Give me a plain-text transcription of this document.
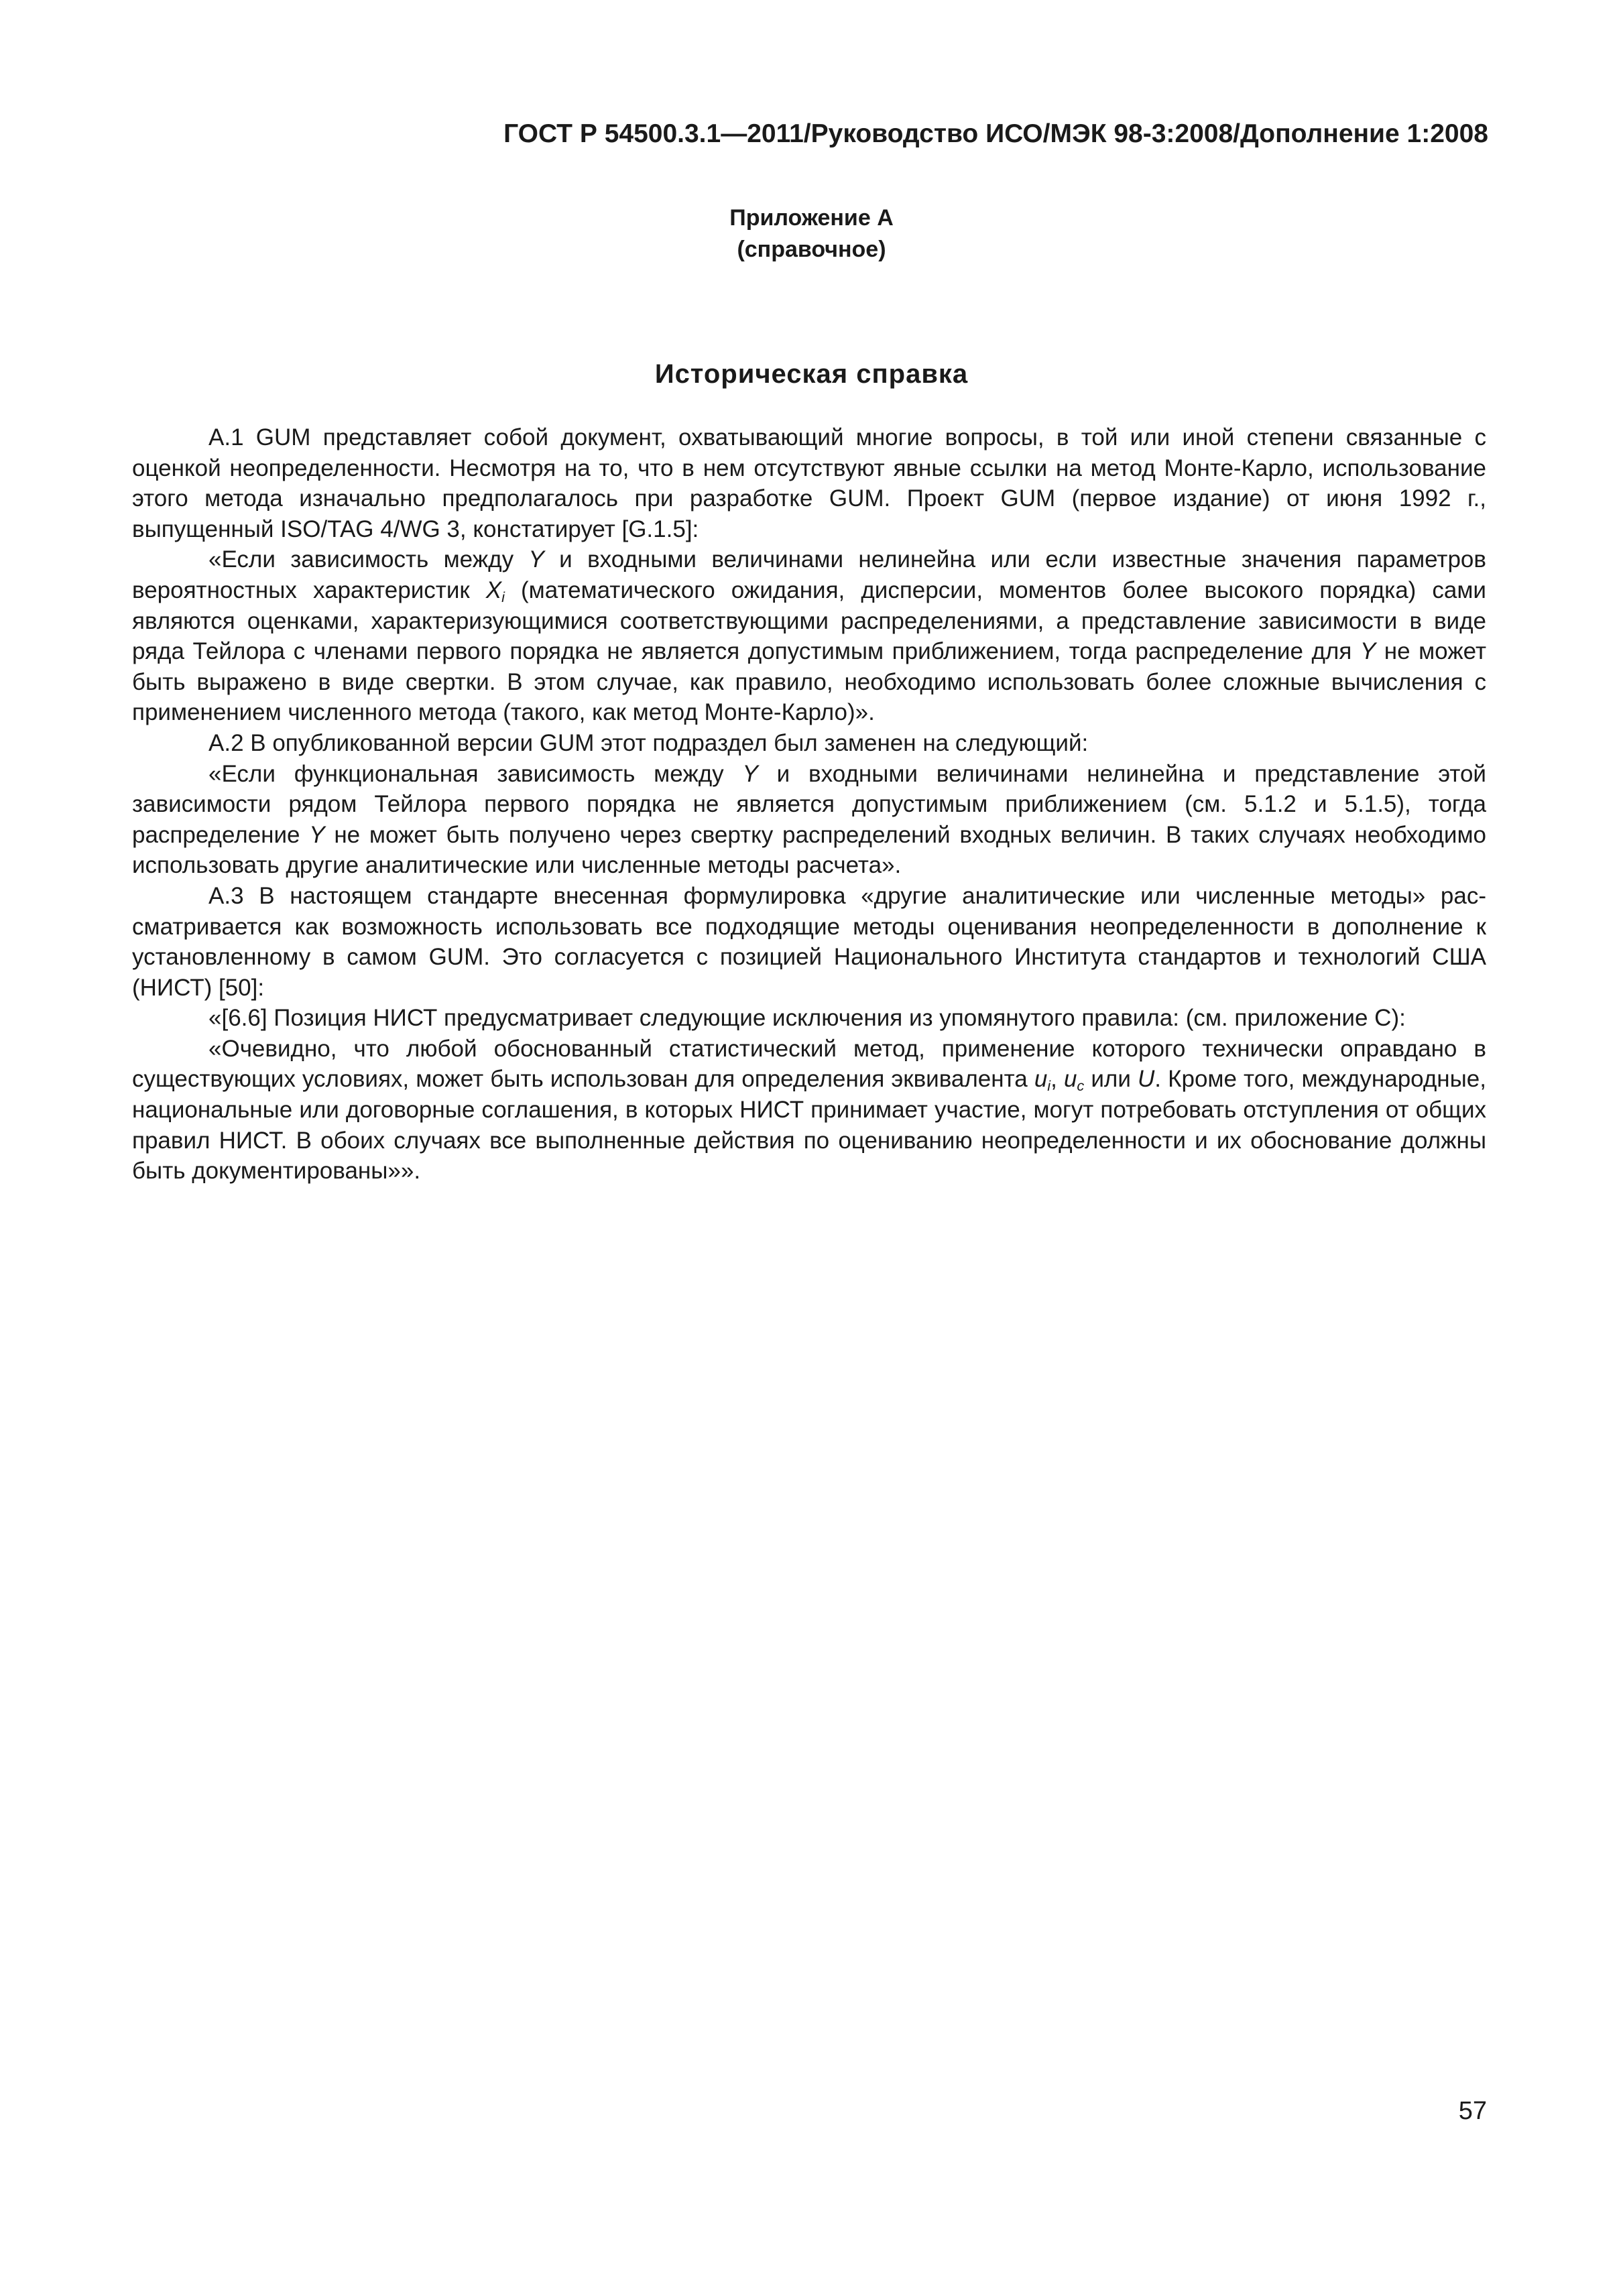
ГОСТ Р 54500.3.1—2011/Руководство ИСО/МЭК 98-3:2008/Дополнение 1:2008
Приложение А
(справочное)
Историческая справка

А.1 GUM представляет собой документ, охватывающий многие вопросы, в той или иной степени связанные с оценкой неопределенности. Несмотря на то, что в нем отсутствуют явные ссылки на метод Монте-Карло, использование этого метода изначально предполагалось при разработке GUM. Проект GUM (первое издание) от июня 1992 г., выпущенный ISO/TAG 4/WG 3, констатирует [G.1.5]:

«Если зависимость между Y и входными величинами нелинейна или если известные значения параметров вероятностных характеристик $X_i$ (математического ожидания, дисперсии, моментов более высокого порядка) сами являются оценками, характеризующимися соответствующими распределениями, а представление зависимости в виде ряда Тейлора с членами первого порядка не является допустимым приближением, тогда распределение для Y не может быть выражено в виде свертки. В этом случае, как правило, необходимо использовать более сложные вычисления с применением численного метода (такого, как метод Монте-Карло)».

А.2 В опубликованной версии GUM этот подраздел был заменен на следующий:

«Если функциональная зависимость между Y и входными величинами нелинейна и представление этой зависимости рядом Тейлора первого порядка не является допустимым приближением (см. 5.1.2 и 5.1.5), тогда распределение Y не может быть получено через свертку распределений входных величин. В таких случаях необходимо использовать другие аналитические или численные методы расчета».

А.3 В настоящем стандарте внесенная формулировка «другие аналитические или численные методы» рассматривается как возможность использовать все подходящие методы оценивания неопределенности в дополнение к установленному в самом GUM. Это согласуется с позицией Национального Института стандартов и технологий США (НИСТ) [50]:

«[6.6] Позиция НИСТ предусматривает следующие исключения из упомянутого правила: (см. приложение С):

«Очевидно, что любой обоснованный статистический метод, применение которого технически оправдано в существующих условиях, может быть использован для определения эквивалента $u_i$, $u_c$ или U. Кроме того, международные, национальные или договорные соглашения, в которых НИСТ принимает участие, могут потребовать отступления от общих правил НИСТ. В обоих случаях все выполненные действия по оцениванию неопределенности и их обоснование должны быть документированы»».

57
